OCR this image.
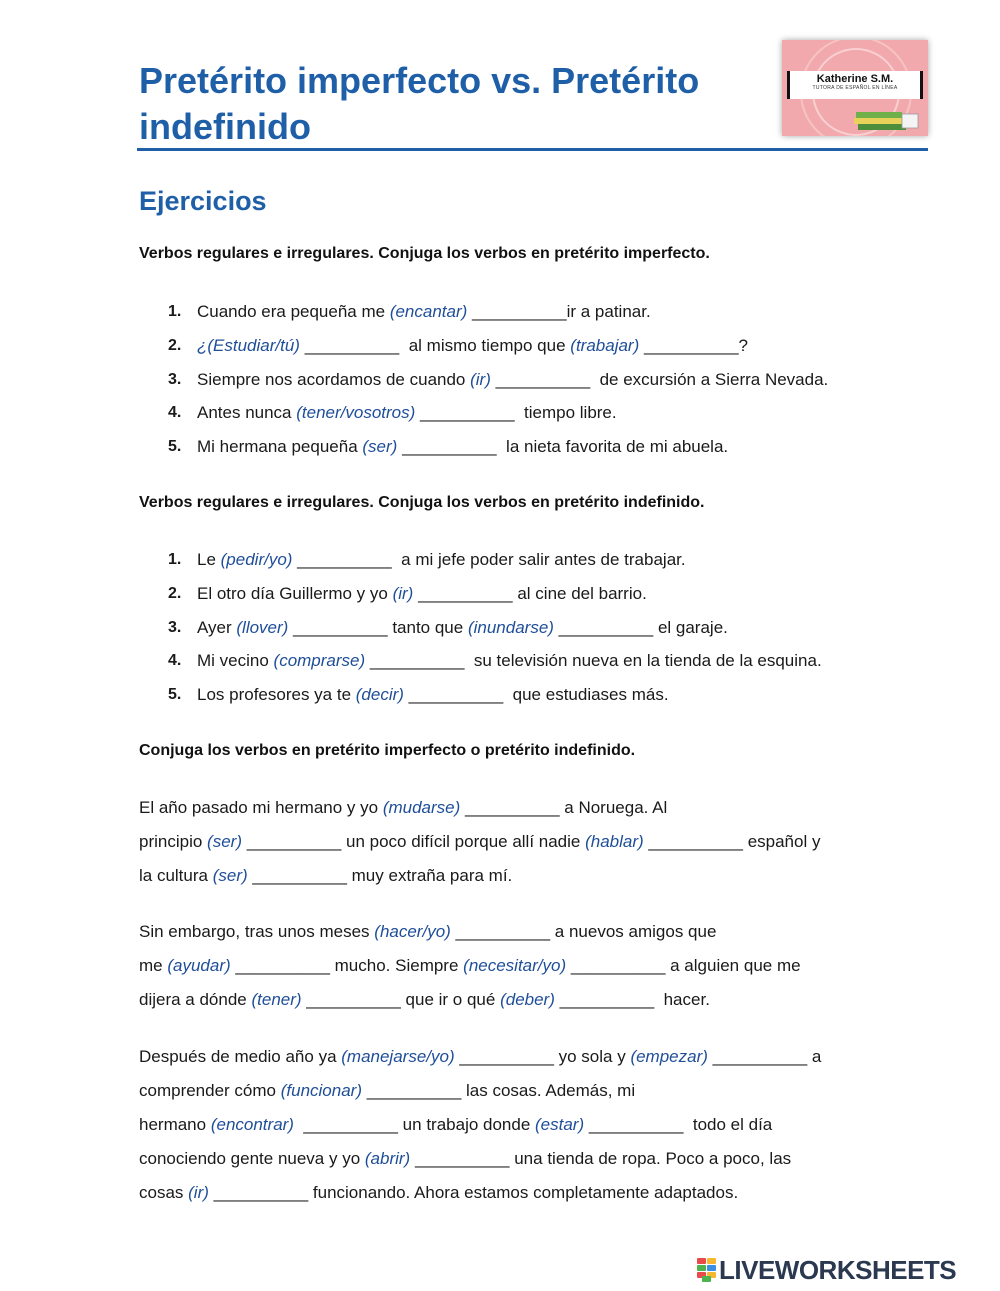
Pretérito imperfecto vs. Pretérito indefinido
Katherine S.M.
TUTORA DE ESPAÑOL EN LÍNEA
Ejercicios

Verbos regulares e irregulares. Conjuga los verbos en pretérito imperfecto.

1. Cuando era pequeña me (encantar) __________ir a patinar.
2. ¿(Estudiar/tú) __________  al mismo tiempo que (trabajar) __________?
3. Siempre nos acordamos de cuando (ir) __________  de excursión a Sierra Nevada.
4. Antes nunca (tener/vosotros) __________  tiempo libre.
5. Mi hermana pequeña (ser) __________  la nieta favorita de mi abuela.

Verbos regulares e irregulares. Conjuga los verbos en pretérito indefinido.

1. Le (pedir/yo) __________  a mi jefe poder salir antes de trabajar.
2. El otro día Guillermo y yo (ir) __________ al cine del barrio.
3. Ayer (llover) __________ tanto que (inundarse) __________ el garaje.
4. Mi vecino (comprarse) __________  su televisión nueva en la tienda de la esquina.
5. Los profesores ya te (decir) __________  que estudiases más.

Conjuga los verbos en pretérito imperfecto o pretérito indefinido.

El año pasado mi hermano y yo (mudarse) __________ a Noruega. Al
principio (ser) __________ un poco difícil porque allí nadie (hablar) __________ español y
la cultura (ser) __________ muy extraña para mí.
Sin embargo, tras unos meses (hacer/yo) __________ a nuevos amigos que
me (ayudar) __________ mucho. Siempre (necesitar/yo) __________ a alguien que me
dijera a dónde (tener) __________ que ir o qué (deber) __________  hacer.
Después de medio año ya (manejarse/yo) __________ yo sola y (empezar) __________ a
comprender cómo (funcionar) __________ las cosas. Además, mi
hermano (encontrar)  __________ un trabajo donde (estar) __________  todo el día
conociendo gente nueva y yo (abrir) __________ una tienda de ropa. Poco a poco, las
cosas (ir) __________ funcionando. Ahora estamos completamente adaptados.
LIVEWORKSHEETS
